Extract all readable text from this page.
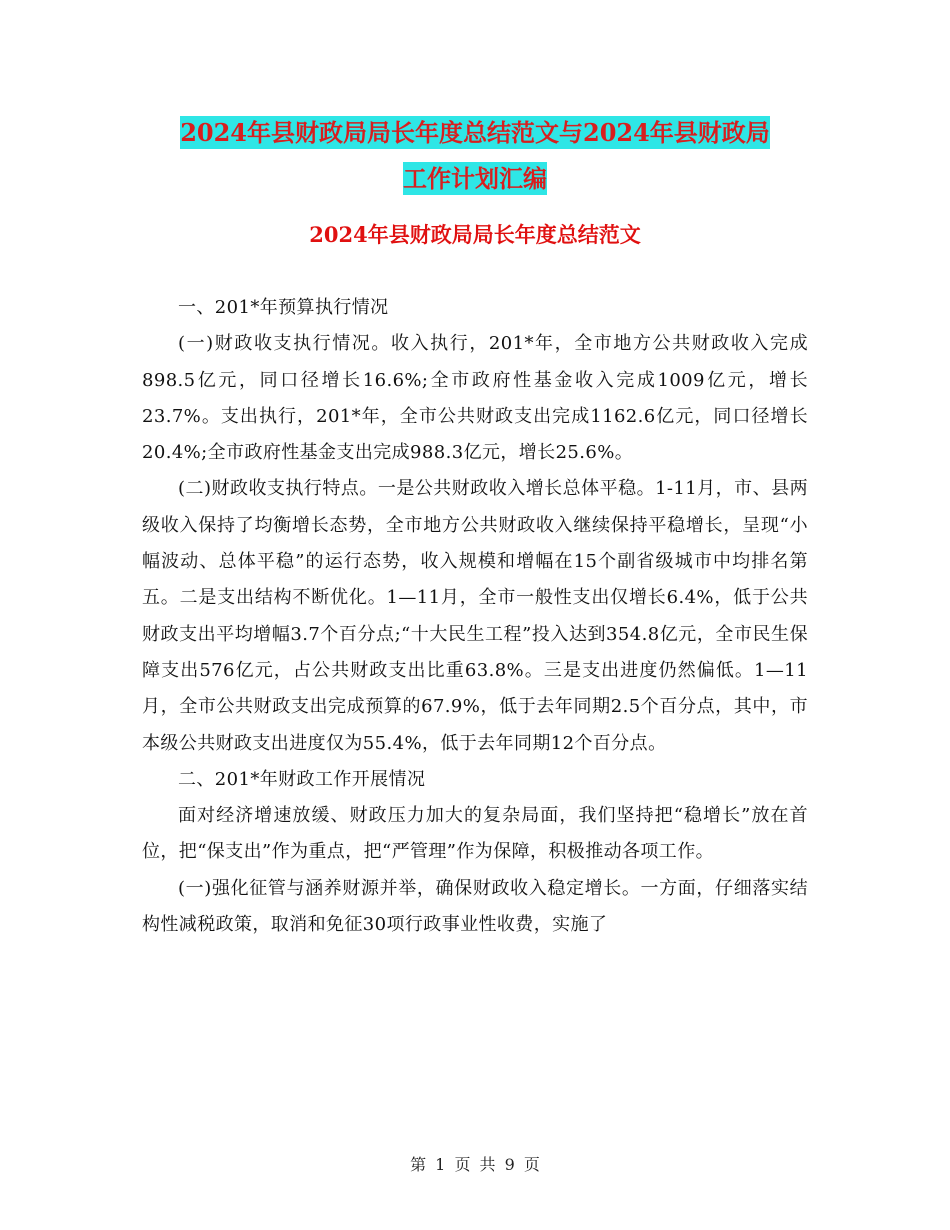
2024年县财政局局长年度总结范文与2024年县财政局
工作计划汇编
2024年县财政局局长年度总结范文

一、201*年预算执行情况

(一)财政收支执行情况。收入执行，201*年，全市地方公共财政收入完成898.5亿元，同口径增长16.6%;全市政府性基金收入完成1009亿元，增长23.7%。支出执行，201*年，全市公共财政支出完成1162.6亿元，同口径增长20.4%;全市政府性基金支出完成988.3亿元，增长25.6%。

(二)财政收支执行特点。一是公共财政收入增长总体平稳。1-11月，市、县两级收入保持了均衡增长态势，全市地方公共财政收入继续保持平稳增长，呈现“小幅波动、总体平稳”的运行态势，收入规模和增幅在15个副省级城市中均排名第五。二是支出结构不断优化。1—11月，全市一般性支出仅增长6.4%，低于公共财政支出平均增幅3.7个百分点;“十大民生工程”投入达到354.8亿元，全市民生保障支出576亿元，占公共财政支出比重63.8%。三是支出进度仍然偏低。1—11月，全市公共财政支出完成预算的67.9%，低于去年同期2.5个百分点，其中，市本级公共财政支出进度仅为55.4%，低于去年同期12个百分点。

二、201*年财政工作开展情况

面对经济增速放缓、财政压力加大的复杂局面，我们坚持把“稳增长”放在首位，把“保支出”作为重点，把“严管理”作为保障，积极推动各项工作。

(一)强化征管与涵养财源并举，确保财政收入稳定增长。一方面，仔细落实结构性减税政策，取消和免征30项行政事业性收费，实施了

第 1 页 共 9 页
